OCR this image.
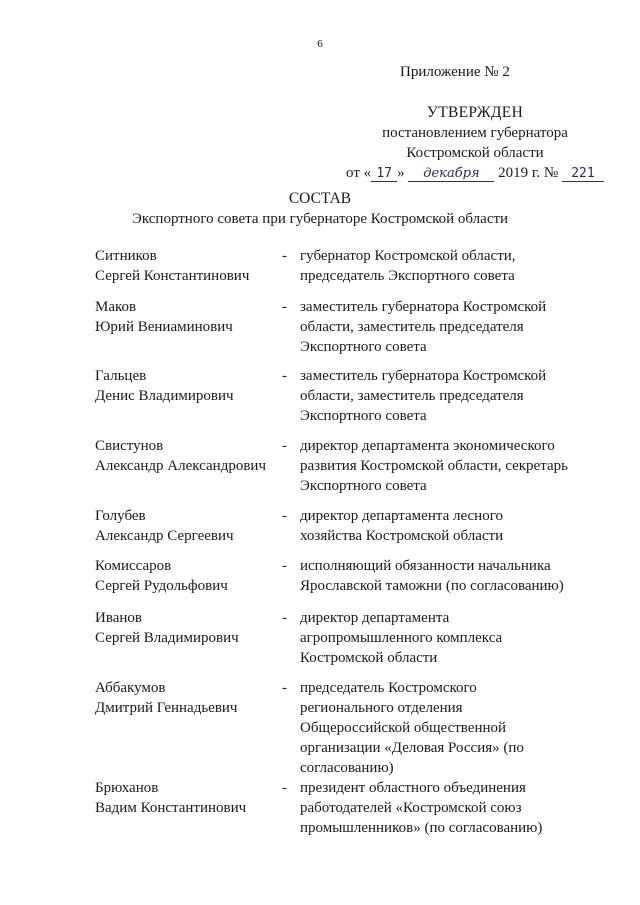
6
Приложение № 2
УТВЕРЖДЕН
постановлением губернатора
Костромской области
от « 17 » декабря 2019 г. № 221
СОСТАВ
Экспортного совета при губернаторе Костромской области
Ситников
Сергей Константинович
- губернатор Костромской области,
председатель Экспортного совета
Маков
Юрий Вениаминович
- заместитель губернатора Костромской
области, заместитель председателя
Экспортного совета
Гальцев
Денис Владимирович
- заместитель губернатора Костромской
области, заместитель председателя
Экспортного совета
Свистунов
Александр Александрович
- директор департамента экономического
развития Костромской области, секретарь
Экспортного совета
Голубев
Александр Сергеевич
- директор департамента лесного
хозяйства Костромской области
Комиссаров
Сергей Рудольфович
- исполняющий обязанности начальника
Ярославской таможни (по согласованию)
Иванов
Сергей Владимирович
- директор департамента
агропромышленного комплекса
Костромской области
Аббакумов
Дмитрий Геннадьевич
- председатель Костромского
регионального отделения
Общероссийской общественной
организации «Деловая Россия» (по
согласованию)
Брюханов
Вадим Константинович
- президент областного объединения
работодателей «Костромской союз
промышленников» (по согласованию)
